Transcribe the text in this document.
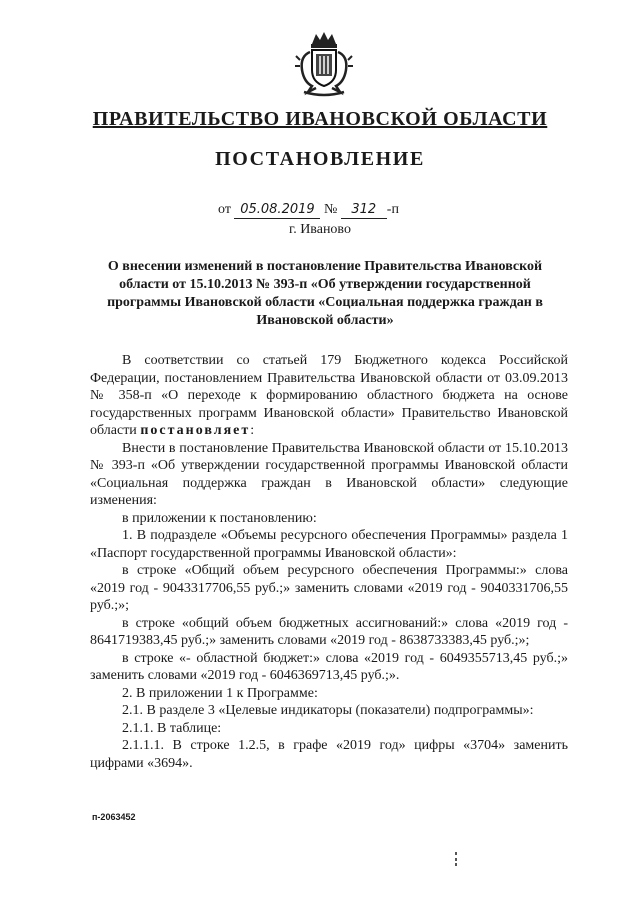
ПРАВИТЕЛЬСТВО ИВАНОВСКОЙ ОБЛАСТИ
ПОСТАНОВЛЕНИЕ
от 05.08.2019 № 312 -п
г. Иваново
О внесении изменений в постановление Правительства Ивановской области от 15.10.2013 № 393-п «Об утверждении государственной программы Ивановской области «Социальная поддержка граждан в Ивановской области»

В соответствии со статьей 179 Бюджетного кодекса Российской Федерации, постановлением Правительства Ивановской области от 03.09.2013 № 358-п «О переходе к формированию областного бюджета на основе государственных программ Ивановской области» Правительство Ивановской области постановляет:

Внести в постановление Правительства Ивановской области от 15.10.2013 № 393-п «Об утверждении государственной программы Ивановской области «Социальная поддержка граждан в Ивановской области» следующие изменения:

в приложении к постановлению:

1. В подразделе «Объемы ресурсного обеспечения Программы» раздела 1 «Паспорт государственной программы Ивановской области»:

в строке «Общий объем ресурсного обеспечения Программы:» слова «2019 год - 9043317706,55 руб.;» заменить словами «2019 год - 9040331706,55 руб.;»;

в строке «общий объем бюджетных ассигнований:» слова «2019 год - 8641719383,45 руб.;» заменить словами «2019 год - 8638733383,45 руб.;»;

в строке «- областной бюджет:» слова «2019 год - 6049355713,45 руб.;» заменить словами «2019 год - 6046369713,45 руб.;».

2. В приложении 1 к Программе:

2.1. В разделе 3 «Целевые индикаторы (показатели) подпрограммы»:

2.1.1. В таблице:

2.1.1.1. В строке 1.2.5, в графе «2019 год» цифры «3704» заменить цифрами «3694».

п-2063452
